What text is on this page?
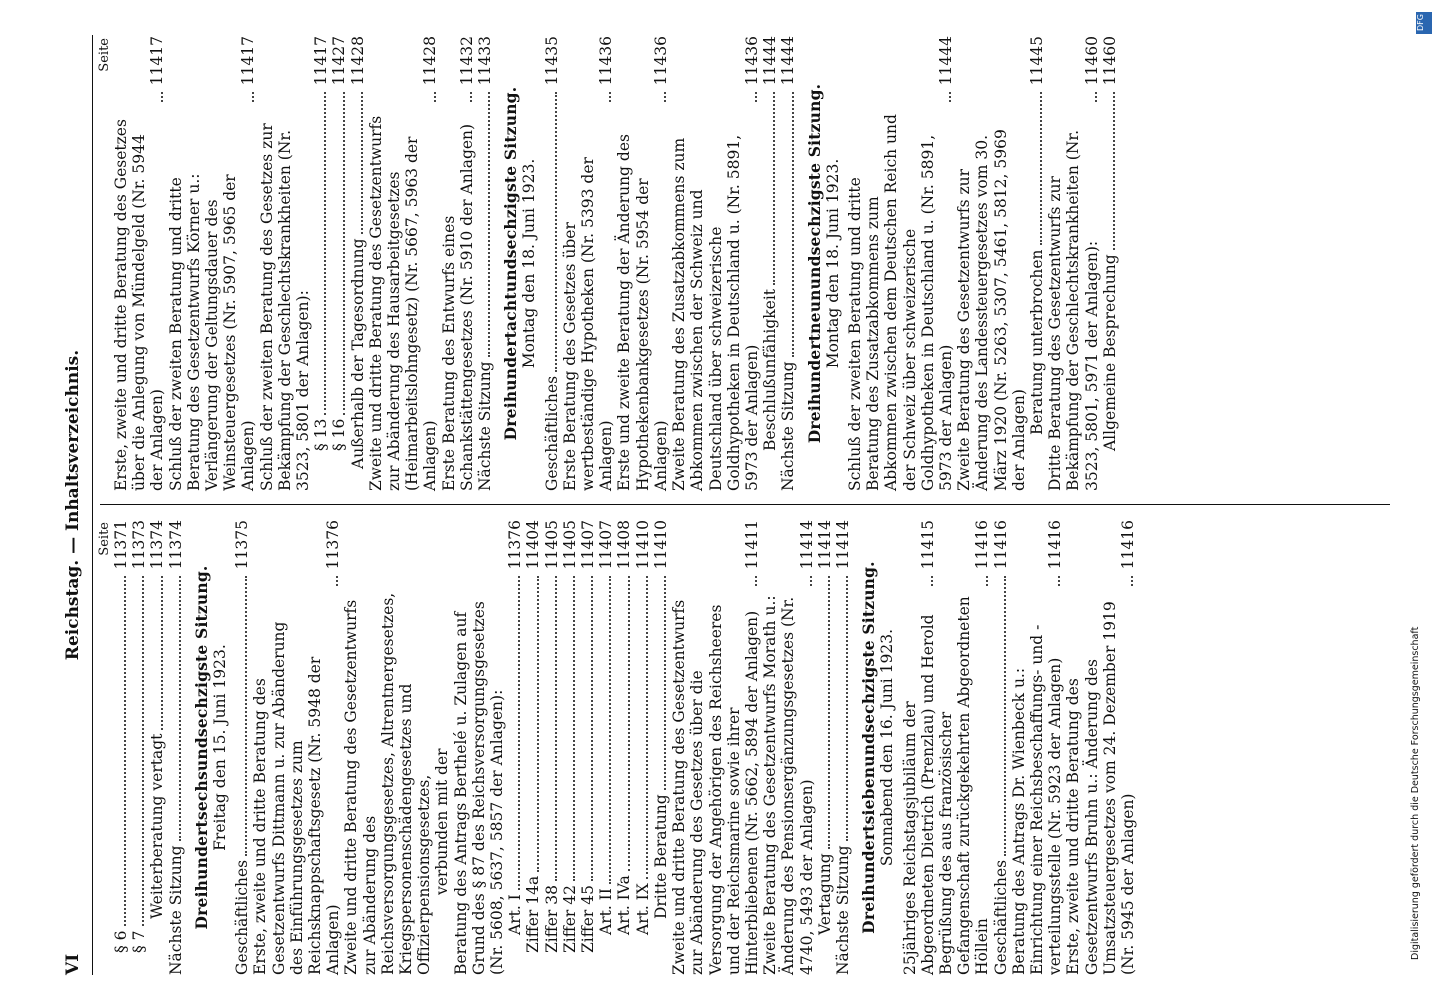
VI
Reichstag. — Inhaltsverzeichnis. Seite
§ 6
11371
§ 7
11373
Weiterberatung vertagt
11374
Nächste Sitzung
11374
Dreihundertsechsundsechzigste Sitzung. Freitag den 15. Juni 1923.
Geschäftliches
11375
Erste, zweite und dritte Beratung des Gesetzentwurfs Dittmann u. zur Abänderung des Einführungsgesetzes zum Reichsknappschaftsgesetz (Nr. 5948 der Anlagen)
11376
Zweite und dritte Beratung des Gesetzentwurfs zur Abänderung des Reichsversorgungsgesetzes, Altrentnergesetzes, Kriegspersonenschädengesetzes und Offizierpensionsgesetzes, verbunden mit der Beratung des Antrags Berthelé u. Zulagen auf Grund des § 87 des Reichsversorgungsgesetzes (Nr. 5608, 5637, 5857 der Anlagen): Art. I
11376
Ziffer 14a
11404
Ziffer 38
11405
Ziffer 42
11405
Ziffer 45
11407
Art. II
11407
Art. IVa
11408
Art. IX
11410
Dritte Beratung
11410
Zweite und dritte Beratung des Gesetzentwurfs zur Abänderung des Gesetzes über die Versorgung der Angehörigen des Reichsheeres und der Reichsmarine sowie ihrer Hinterbliebenen (Nr. 5662, 5894 der Anlagen)
11411
Zweite Beratung des Gesetzentwurfs Morath u.: Änderung des Pensionsergänzungsgesetzes (Nr. 4740, 5493 der Anlagen)
11414
Vertagung
11414
Nächste Sitzung
11414
Dreihundertsiebenundsechzigste Sitzung. Sonnabend den 16. Juni 1923. 25jähriges Reichstagsjubiläum der Abgeordneten Dietrich (Prenzlau) und Herold
11415
Begrüßung des aus französischer Gefangenschaft zurückgekehrten Abgeordneten Höllein
11416
Geschäftliches
11416
Beratung des Antrags Dr. Wienbeck u.: Einrichtung einer Reichsbeschaffungs- und -verteilungsstelle (Nr. 5923 der Anlagen)
11416
Erste, zweite und dritte Beratung des Gesetzentwurfs Bruhn u.: Änderung des Umsatzsteuergesetzes vom 24. Dezember 1919 (Nr. 5945 der Anlagen)
11416
Seite
Erste, zweite und dritte Beratung des Gesetzes über die Anlegung von Mündelgeld (Nr. 5944 der Anlagen)
11417
Schluß der zweiten Beratung und dritte Beratung des Gesetzentwurfs Körner u.: Verlängerung der Geltungsdauer des Weinsteuergesetzes (Nr. 5907, 5965 der Anlagen)
11417
Schluß der zweiten Beratung des Gesetzes zur Bekämpfung der Geschlechtskrankheiten (Nr. 3523, 5801 der Anlagen): § 13
11417
§ 16
11427
Außerhalb der Tagesordnung
11428
Zweite und dritte Beratung des Gesetzentwurfs zur Abänderung des Hausarbeitgesetzes (Heimarbeitslohngesetz) (Nr. 5667, 5963 der Anlagen)
11428
Erste Beratung des Entwurfs eines Schankstättengesetzes (Nr. 5910 der Anlagen)
11432
Nächste Sitzung
11433
Dreihundertachtundsechzigste Sitzung. Montag den 18. Juni 1923.
Geschäftliches
11435
Erste Beratung des Gesetzes über wertbeständige Hypotheken (Nr. 5393 der Anlagen)
11436
Erste und zweite Beratung der Änderung des Hypothekenbankgesetzes (Nr. 5954 der Anlagen)
11436
Zweite Beratung des Zusatzabkommens zum Abkommen zwischen der Schweiz und Deutschland über schweizerische Goldhypotheken in Deutschland u. (Nr. 5891, 5973 der Anlagen)
11436
Beschlußunfähigkeit
11444
Nächste Sitzung
11444
Dreihundertneunundsechzigste Sitzung. Montag den 18. Juni 1923. Schluß der zweiten Beratung und dritte Beratung des Zusatzabkommens zum Abkommen zwischen dem Deutschen Reich und der Schweiz über schweizerische Goldhypotheken in Deutschland u. (Nr. 5891, 5973 der Anlagen)
11444
Zweite Beratung des Gesetzentwurfs zur Änderung des Landessteuergesetzes vom 30. März 1920 (Nr. 5263, 5307, 5461, 5812, 5969 der Anlagen)
Beratung unterbrochen
11445
Dritte Beratung des Gesetzentwurfs zur Bekämpfung der Geschlechtskrankheiten (Nr. 3523, 5801, 5971 der Anlagen):
11460
Allgemeine Besprechung
11460
Digitalisierung gefördert durch die Deutsche Forschungsgemeinschaft
DFG
